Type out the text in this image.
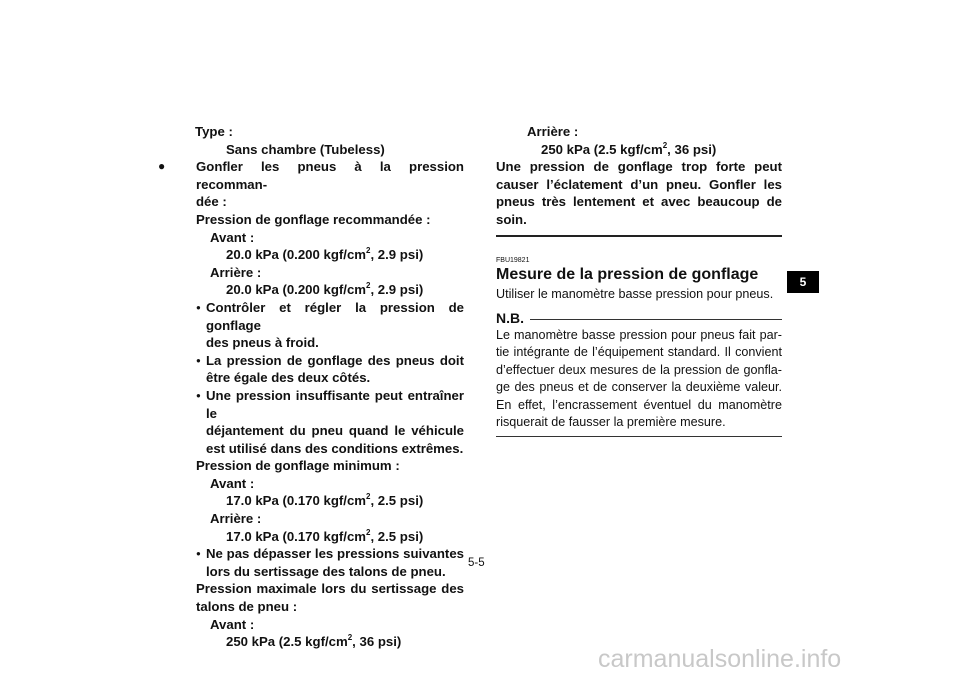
Type :
Sans chambre (Tubeless)
● Gonfler les pneus à la pression recomman-
dée :
Pression de gonflage recommandée :
Avant :
20.0 kPa (0.200 kgf/$cm^2$, 2.9 psi)
Arrière :
20.0 kPa (0.200 kgf/$cm^2$, 2.9 psi)
● Contrôler et régler la pression de gonflage
des pneus à froid.
● La pression de gonflage des pneus doit
être égale des deux côtés.
● Une pression insuffisante peut entraîner le
déjantement du pneu quand le véhicule
est utilisé dans des conditions extrêmes.
Pression de gonflage minimum :
Avant :
17.0 kPa (0.170 kgf/$cm^2$, 2.5 psi)
Arrière :
17.0 kPa (0.170 kgf/$cm^2$, 2.5 psi)
● Ne pas dépasser les pressions suivantes
lors du sertissage des talons de pneu.
Pression maximale lors du sertissage des
talons de pneu :
Avant :
250 kPa (2.5 kgf/$cm^2$, 36 psi)
Arrière :
250 kPa (2.5 kgf/$cm^2$, 36 psi)
Une pression de gonflage trop forte peut
causer l’éclatement d’un pneu. Gonfler les
pneus très lentement et avec beaucoup de
soin.
FBU19821
Mesure de la pression de gonflage
Utiliser le manomètre basse pression pour pneus.
N.B.
Le manomètre basse pression pour pneus fait par-tie intégrante de l’équipement standard. Il convient d’effectuer deux mesures de la pression de gonfla-ge des pneus et de conserver la deuxième valeur. En effet, l’encrassement éventuel du manomètre risquerait de fausser la première mesure.
5
5-5
carmanualsonline.info
